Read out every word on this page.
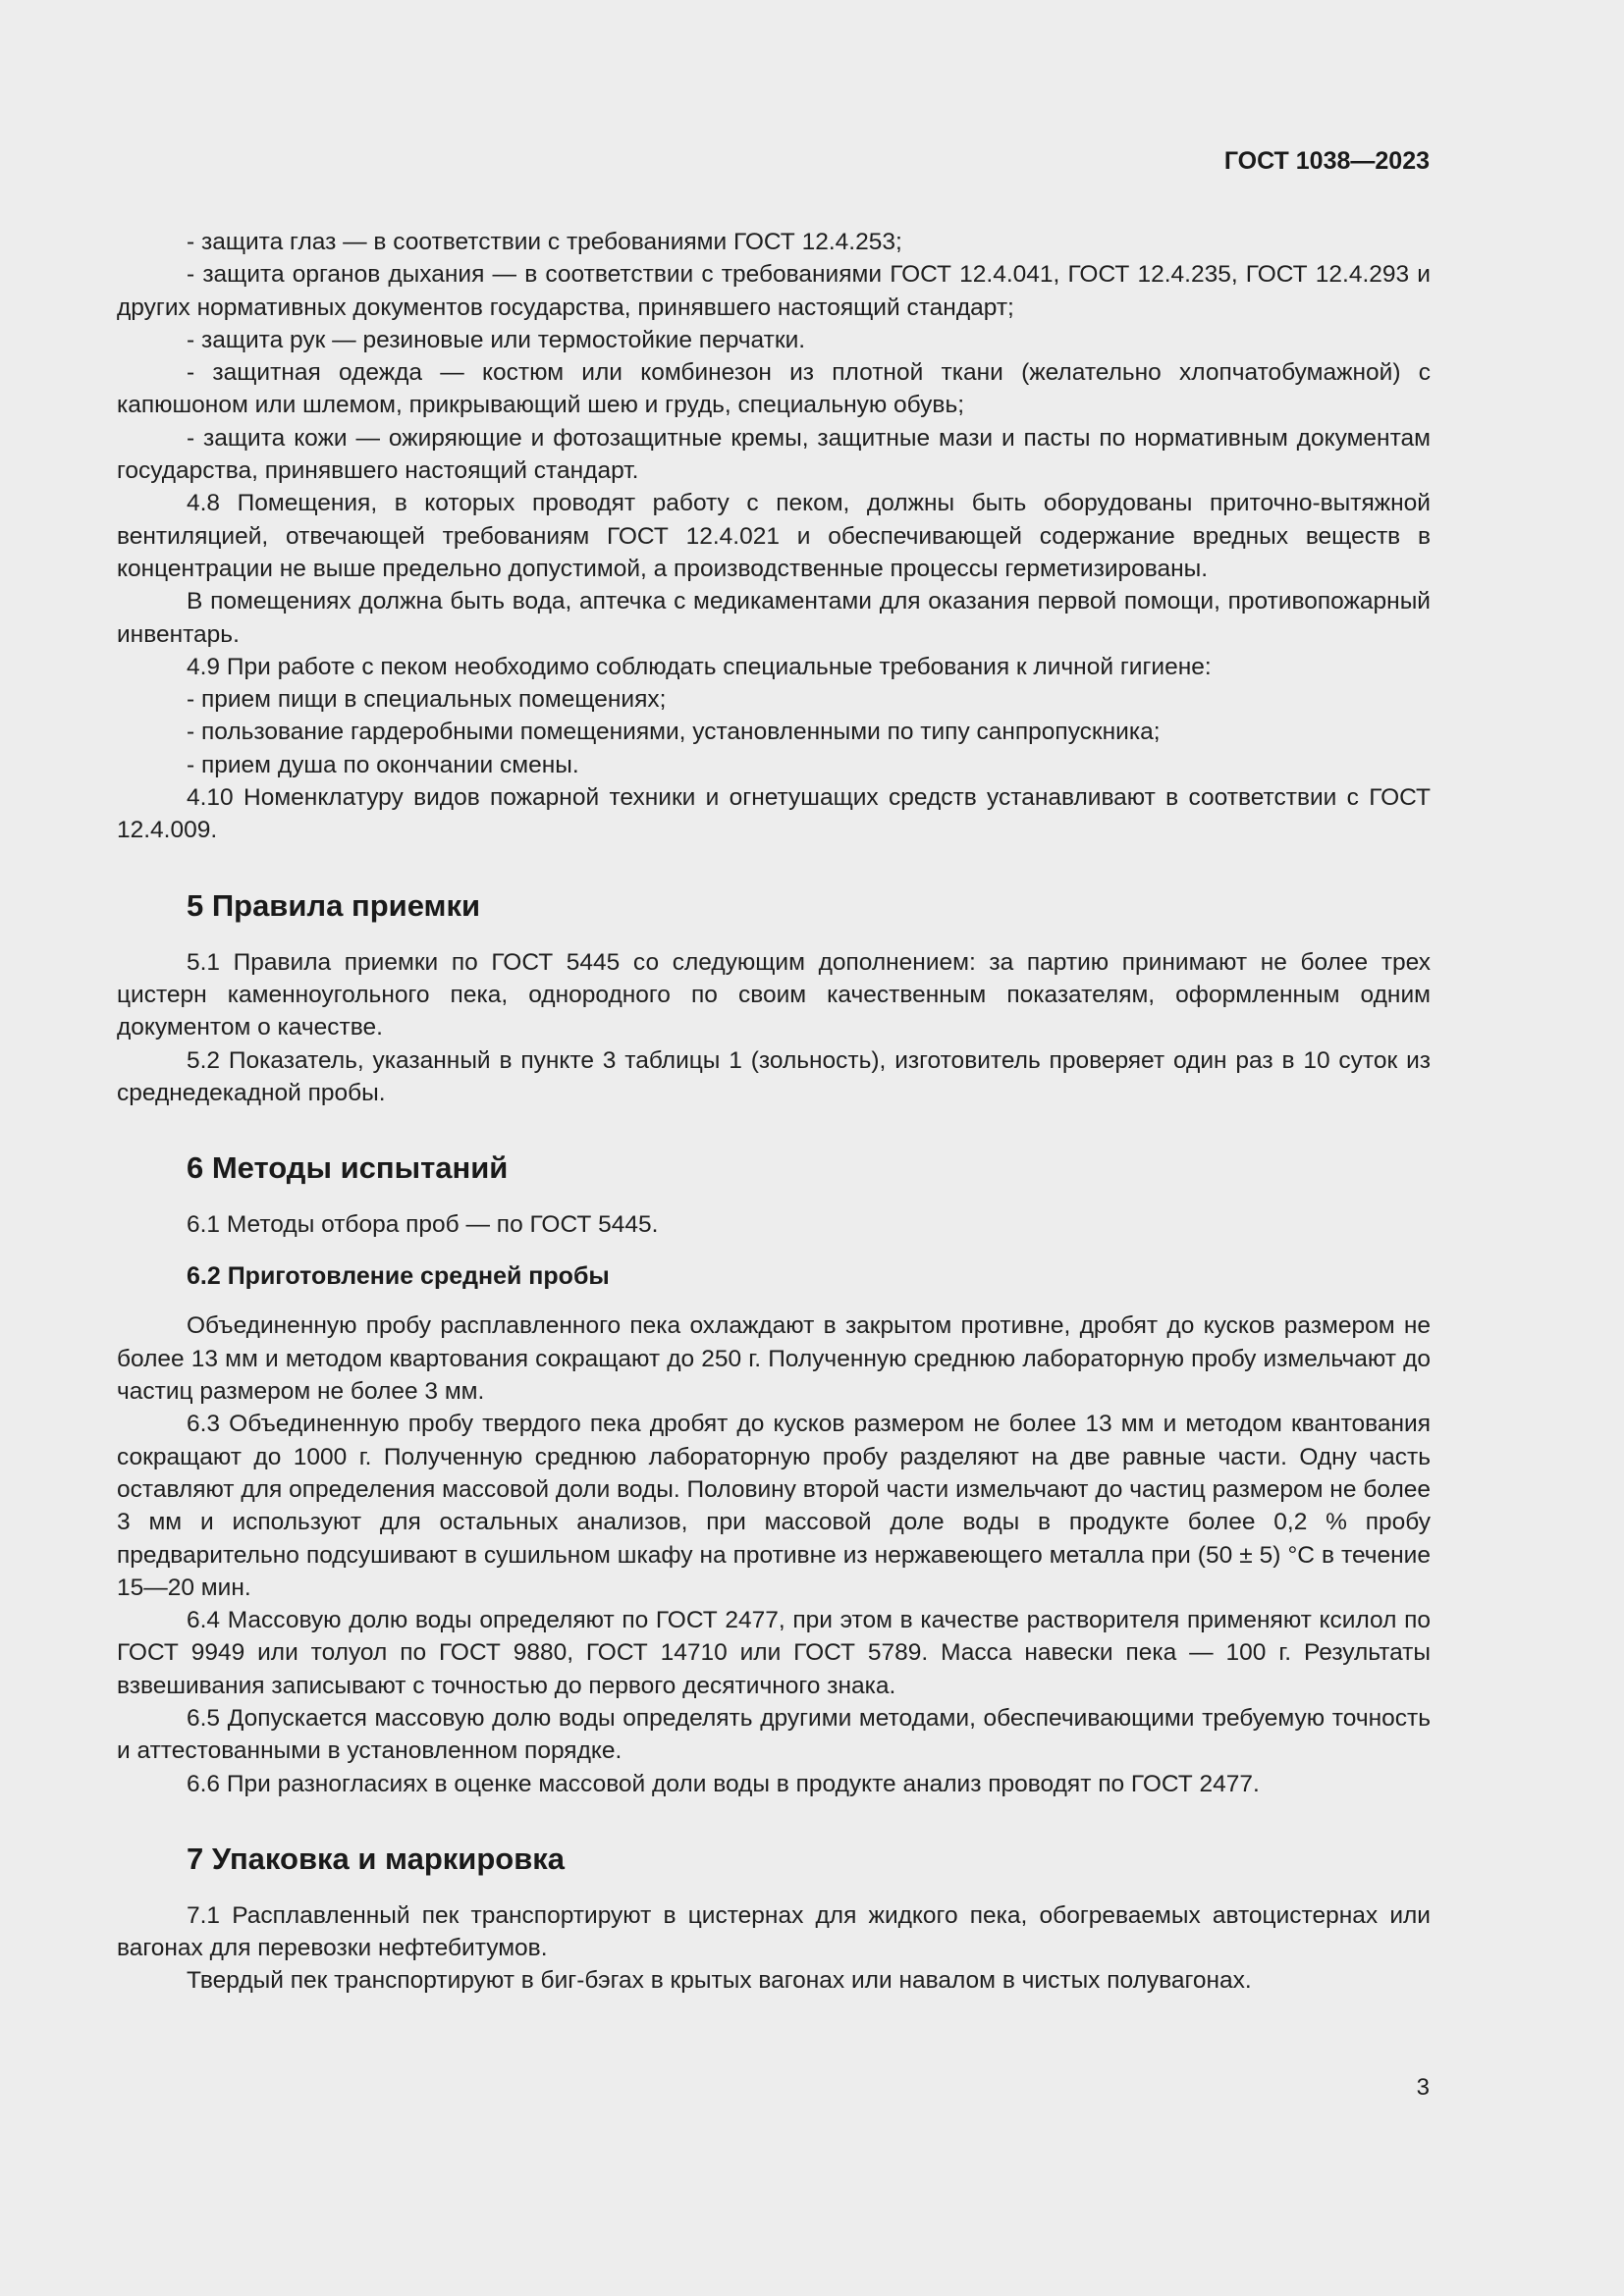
ГОСТ 1038—2023

- защита глаз — в соответствии с требованиями ГОСТ 12.4.253;

- защита органов дыхания — в соответствии с требованиями ГОСТ 12.4.041, ГОСТ 12.4.235, ГОСТ 12.4.293 и других нормативных документов государства, принявшего настоящий стандарт;

- защита рук — резиновые или термостойкие перчатки.

- защитная одежда — костюм или комбинезон из плотной ткани (желательно хлопчатобумажной) с капюшоном или шлемом, прикрывающий шею и грудь, специальную обувь;

- защита кожи — ожиряющие и фотозащитные кремы, защитные мази и пасты по нормативным документам государства, принявшего настоящий стандарт.

4.8 Помещения, в которых проводят работу с пеком, должны быть оборудованы приточно-вытяжной вентиляцией, отвечающей требованиям ГОСТ 12.4.021 и обеспечивающей содержание вредных веществ в концентрации не выше предельно допустимой, а производственные процессы герметизированы.

В помещениях должна быть вода, аптечка с медикаментами для оказания первой помощи, противопожарный инвентарь.

4.9 При работе с пеком необходимо соблюдать специальные требования к личной гигиене:

- прием пищи в специальных помещениях;

- пользование гардеробными помещениями, установленными по типу санпропускника;

- прием душа по окончании смены.

4.10 Номенклатуру видов пожарной техники и огнетушащих средств устанавливают в соответствии с ГОСТ 12.4.009.

5 Правила приемки

5.1 Правила приемки по ГОСТ 5445 со следующим дополнением: за партию принимают не более трех цистерн каменноугольного пека, однородного по своим качественным показателям, оформленным одним документом о качестве.

5.2 Показатель, указанный в пункте 3 таблицы 1 (зольность), изготовитель проверяет один раз в 10 суток из среднедекадной пробы.

6 Методы испытаний

6.1 Методы отбора проб — по ГОСТ 5445.

6.2 Приготовление средней пробы

Объединенную пробу расплавленного пека охлаждают в закрытом противне, дробят до кусков размером не более 13 мм и методом квартования сокращают до 250 г. Полученную среднюю лабораторную пробу измельчают до частиц размером не более 3 мм.

6.3 Объединенную пробу твердого пека дробят до кусков размером не более 13 мм и методом квантования сокращают до 1000 г. Полученную среднюю лабораторную пробу разделяют на две равные части. Одну часть оставляют для определения массовой доли воды. Половину второй части измельчают до частиц размером не более 3 мм и используют для остальных анализов, при массовой доле воды в продукте более 0,2 % пробу предварительно подсушивают в сушильном шкафу на противне из нержавеющего металла при (50 ± 5) °С в течение 15—20 мин.

6.4 Массовую долю воды определяют по ГОСТ 2477, при этом в качестве растворителя применяют ксилол по ГОСТ 9949 или толуол по ГОСТ 9880, ГОСТ 14710 или ГОСТ 5789. Масса навески пека — 100 г. Результаты взвешивания записывают с точностью до первого десятичного знака.

6.5 Допускается массовую долю воды определять другими методами, обеспечивающими требуемую точность и аттестованными в установленном порядке.

6.6 При разногласиях в оценке массовой доли воды в продукте анализ проводят по ГОСТ 2477.

7 Упаковка и маркировка

7.1 Расплавленный пек транспортируют в цистернах для жидкого пека, обогреваемых автоцистернах или вагонах для перевозки нефтебитумов.

Твердый пек транспортируют в биг-бэгах в крытых вагонах или навалом в чистых полувагонах.

3
